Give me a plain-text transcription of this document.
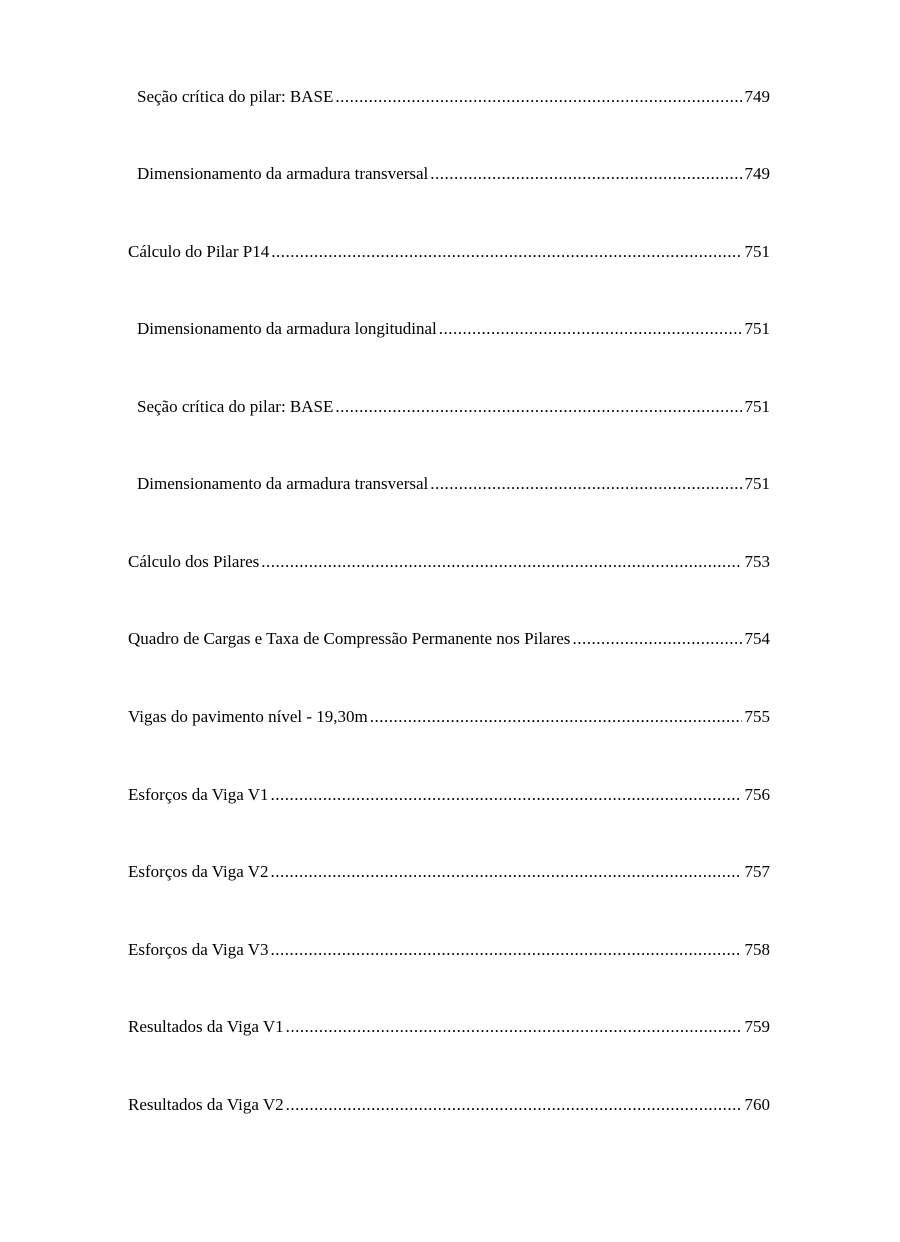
Seção crítica do pilar: BASE .....	749
Dimensionamento da armadura transversal .....	749
Cálculo do Pilar P14 .....	751
Dimensionamento da armadura longitudinal .....	751
Seção crítica do pilar: BASE .....	751
Dimensionamento da armadura transversal .....	751
Cálculo dos Pilares .....	753
Quadro de Cargas e Taxa de Compressão Permanente nos Pilares .....	754
Vigas do pavimento nível - 19,30m .....	755
Esforços da Viga V1 .....	756
Esforços da Viga V2 .....	757
Esforços da Viga V3 .....	758
Resultados da Viga V1 .....	759
Resultados da Viga V2 .....	760
